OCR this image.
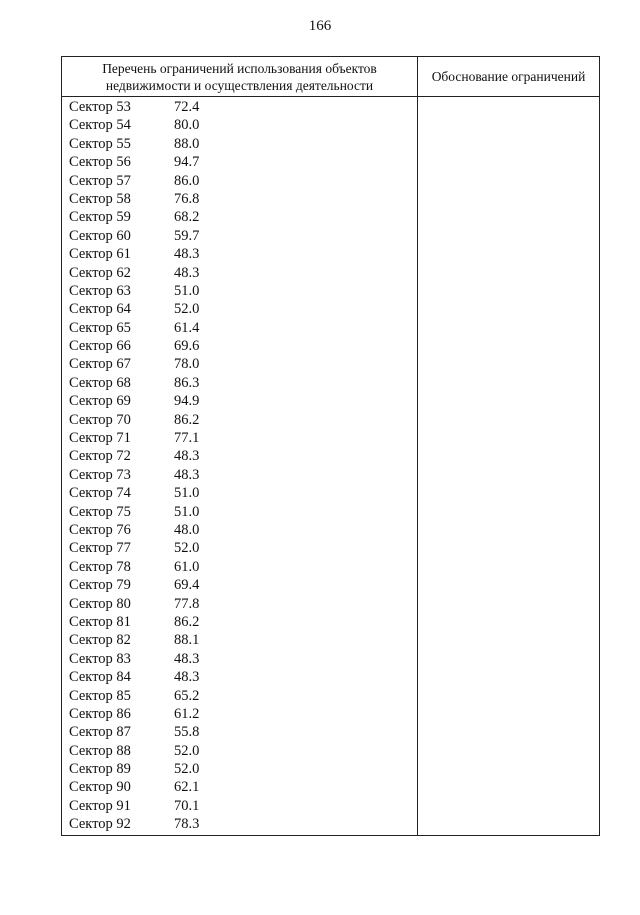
166
Перечень ограничений использования объектов
недвижимости и осуществления деятельности
Обоснование ограничений
Сектор 53	72.4
Сектор 54	80.0
Сектор 55	88.0
Сектор 56	94.7
Сектор 57	86.0
Сектор 58	76.8
Сектор 59	68.2
Сектор 60	59.7
Сектор 61	48.3
Сектор 62	48.3
Сектор 63	51.0
Сектор 64	52.0
Сектор 65	61.4
Сектор 66	69.6
Сектор 67	78.0
Сектор 68	86.3
Сектор 69	94.9
Сектор 70	86.2
Сектор 71	77.1
Сектор 72	48.3
Сектор 73	48.3
Сектор 74	51.0
Сектор 75	51.0
Сектор 76	48.0
Сектор 77	52.0
Сектор 78	61.0
Сектор 79	69.4
Сектор 80	77.8
Сектор 81	86.2
Сектор 82	88.1
Сектор 83	48.3
Сектор 84	48.3
Сектор 85	65.2
Сектор 86	61.2
Сектор 87	55.8
Сектор 88	52.0
Сектор 89	52.0
Сектор 90	62.1
Сектор 91	70.1
Сектор 92	78.3
